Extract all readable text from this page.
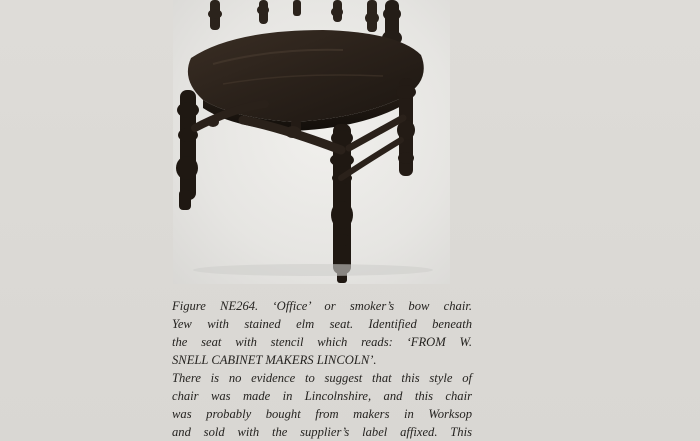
Figure NE264. ‘Office’ or smoker’s bow chair.
Yew with stained elm seat. Identified beneath
the seat with stencil which reads: ‘FROM W.
SNELL CABINET MAKERS LINCOLN’.
There is no evidence to suggest that this style of
chair was made in Lincolnshire, and this chair
was probably bought from makers in Worksop
and sold with the supplier’s label affixed. This
